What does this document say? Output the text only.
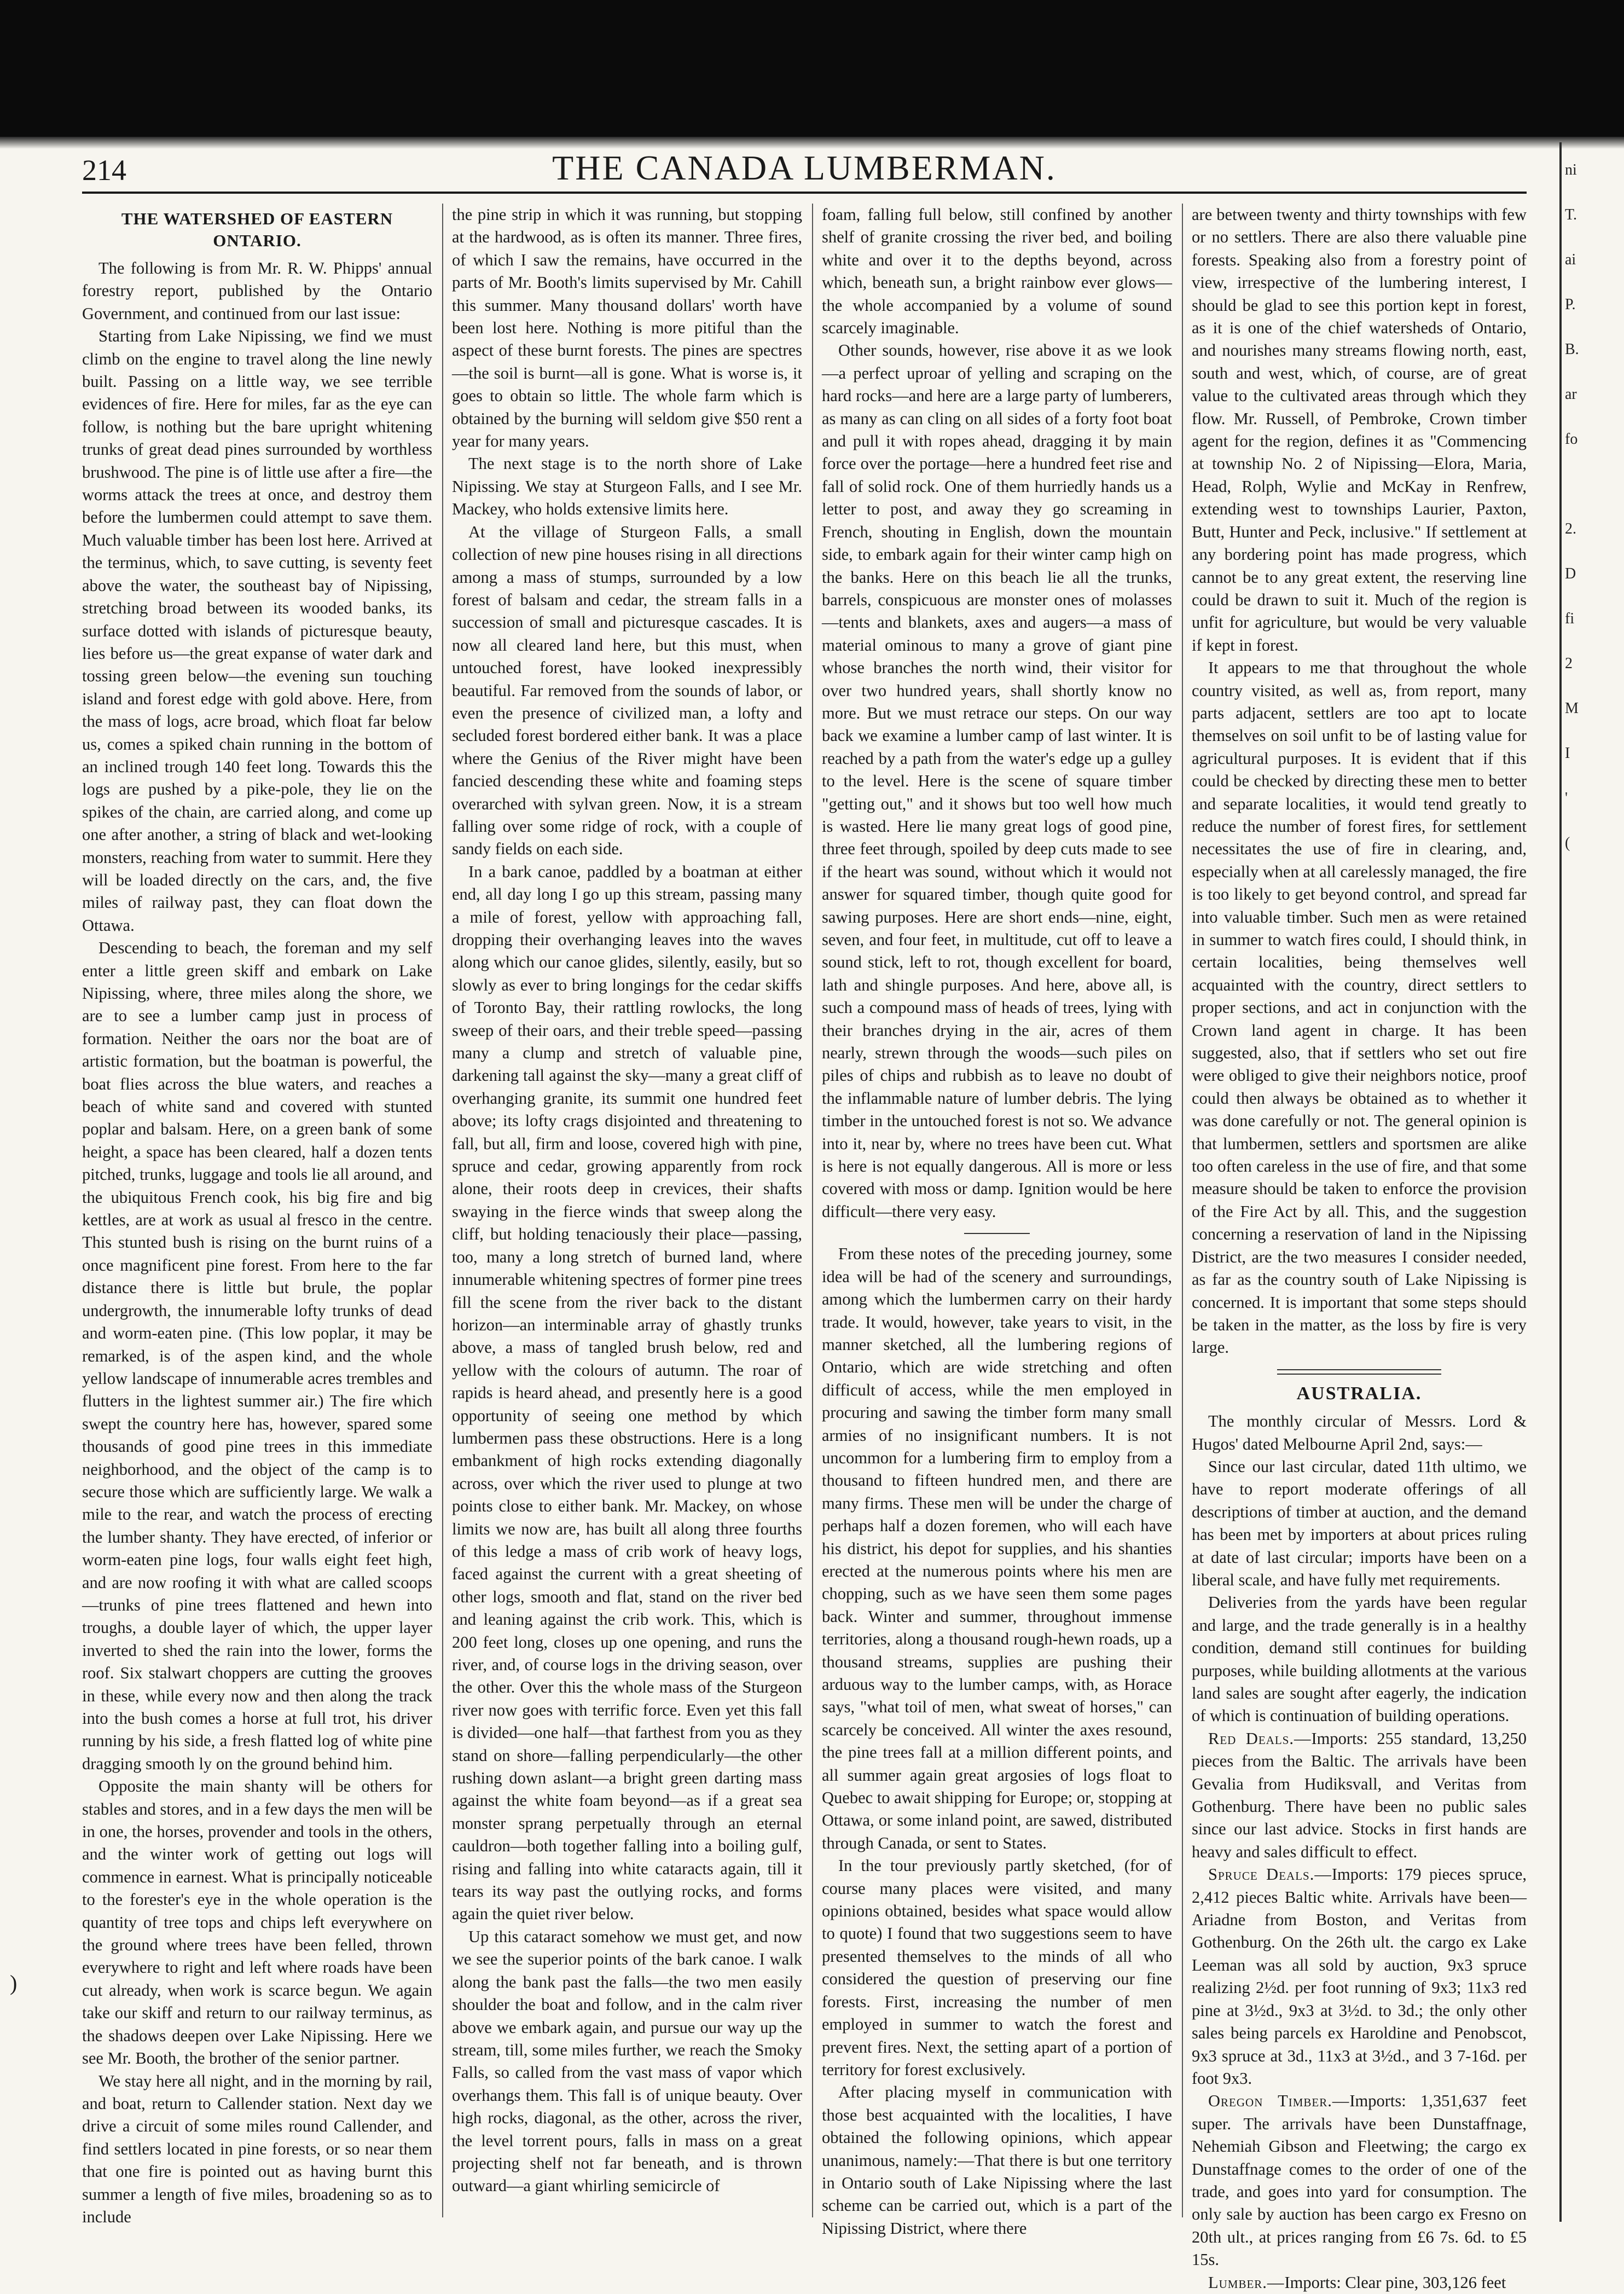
214	THE CANADA LUMBERMAN.
THE WATERSHED OF EASTERN ONTARIO.

The following is from Mr. R. W. Phipps' annual forestry report, published by the Ontario Government, and continued from our last issue:

Starting from Lake Nipissing, we find we must climb on the engine to travel along the line newly built. Passing on a little way, we see terrible evidences of fire. Here for miles, far as the eye can follow, is nothing but the bare upright whitening trunks of great dead pines surrounded by worthless brushwood. The pine is of little use after a fire—the worms attack the trees at once, and destroy them before the lumbermen could attempt to save them. Much valuable timber has been lost here. Arrived at the terminus, which, to save cutting, is seventy feet above the water, the southeast bay of Nipissing, stretching broad between its wooded banks, its surface dotted with islands of picturesque beauty, lies before us—the great expanse of water dark and tossing green below—the evening sun touching island and forest edge with gold above. Here, from the mass of logs, acre broad, which float far below us, comes a spiked chain running in the bottom of an inclined trough 140 feet long. Towards this the logs are pushed by a pike-pole, they lie on the spikes of the chain, are carried along, and come up one after another, a string of black and wet-looking monsters, reaching from water to summit. Here they will be loaded directly on the cars, and, the five miles of railway past, they can float down the Ottawa.

Descending to beach, the foreman and my self enter a little green skiff and embark on Lake Nipissing, where, three miles along the shore, we are to see a lumber camp just in process of formation. Neither the oars nor the boat are of artistic formation, but the boatman is powerful, the boat flies across the blue waters, and reaches a beach of white sand and covered with stunted poplar and balsam. Here, on a green bank of some height, a space has been cleared, half a dozen tents pitched, trunks, luggage and tools lie all around, and the ubiquitous French cook, his big fire and big kettles, are at work as usual al fresco in the centre. This stunted bush is rising on the burnt ruins of a once magnificent pine forest. From here to the far distance there is little but brule, the poplar undergrowth, the innumerable lofty trunks of dead and worm-eaten pine. (This low poplar, it may be remarked, is of the aspen kind, and the whole yellow landscape of innumerable acres trembles and flutters in the lightest summer air.) The fire which swept the country here has, however, spared some thousands of good pine trees in this immediate neighborhood, and the object of the camp is to secure those which are sufficiently large. We walk a mile to the rear, and watch the process of erecting the lumber shanty. They have erected, of inferior or worm-eaten pine logs, four walls eight feet high, and are now roofing it with what are called scoops—trunks of pine trees flattened and hewn into troughs, a double layer of which, the upper layer inverted to shed the rain into the lower, forms the roof. Six stalwart choppers are cutting the grooves in these, while every now and then along the track into the bush comes a horse at full trot, his driver running by his side, a fresh flatted log of white pine dragging smooth ly on the ground behind him.

Opposite the main shanty will be others for stables and stores, and in a few days the men will be in one, the horses, provender and tools in the others, and the winter work of getting out logs will commence in earnest. What is principally noticeable to the forester's eye in the whole operation is the quantity of tree tops and chips left everywhere on the ground where trees have been felled, thrown everywhere to right and left where roads have been cut already, when work is scarce begun. We again take our skiff and return to our railway terminus, as the shadows deepen over Lake Nipissing. Here we see Mr. Booth, the brother of the senior partner.

We stay here all night, and in the morning by rail, and boat, return to Callender station. Next day we drive a circuit of some miles round Callender, and find settlers located in pine forests, or so near them that one fire is pointed out as having burnt this summer a length of five miles, broadening so as to include

the pine strip in which it was running, but stopping at the hardwood, as is often its manner. Three fires, of which I saw the remains, have occurred in the parts of Mr. Booth's limits supervised by Mr. Cahill this summer. Many thousand dollars' worth have been lost here. Nothing is more pitiful than the aspect of these burnt forests. The pines are spectres—the soil is burnt—all is gone. What is worse is, it goes to obtain so little. The whole farm which is obtained by the burning will seldom give $50 rent a year for many years.

The next stage is to the north shore of Lake Nipissing. We stay at Sturgeon Falls, and I see Mr. Mackey, who holds extensive limits here.

At the village of Sturgeon Falls, a small collection of new pine houses rising in all directions among a mass of stumps, surrounded by a low forest of balsam and cedar, the stream falls in a succession of small and picturesque cascades. It is now all cleared land here, but this must, when untouched forest, have looked inexpressibly beautiful. Far removed from the sounds of labor, or even the presence of civilized man, a lofty and secluded forest bordered either bank. It was a place where the Genius of the River might have been fancied descending these white and foaming steps overarched with sylvan green. Now, it is a stream falling over some ridge of rock, with a couple of sandy fields on each side.

In a bark canoe, paddled by a boatman at either end, all day long I go up this stream, passing many a mile of forest, yellow with approaching fall, dropping their overhanging leaves into the waves along which our canoe glides, silently, easily, but so slowly as ever to bring longings for the cedar skiffs of Toronto Bay, their rattling rowlocks, the long sweep of their oars, and their treble speed—passing many a clump and stretch of valuable pine, darkening tall against the sky—many a great cliff of overhanging granite, its summit one hundred feet above; its lofty crags disjointed and threatening to fall, but all, firm and loose, covered high with pine, spruce and cedar, growing apparently from rock alone, their roots deep in crevices, their shafts swaying in the fierce winds that sweep along the cliff, but holding tenaciously their place—passing, too, many a long stretch of burned land, where innumerable whitening spectres of former pine trees fill the scene from the river back to the distant horizon—an interminable array of ghastly trunks above, a mass of tangled brush below, red and yellow with the colours of autumn. The roar of rapids is heard ahead, and presently here is a good opportunity of seeing one method by which lumbermen pass these obstructions. Here is a long embankment of high rocks extending diagonally across, over which the river used to plunge at two points close to either bank. Mr. Mackey, on whose limits we now are, has built all along three fourths of this ledge a mass of crib work of heavy logs, faced against the current with a great sheeting of other logs, smooth and flat, stand on the river bed and leaning against the crib work. This, which is 200 feet long, closes up one opening, and runs the river, and, of course logs in the driving season, over the other. Over this the whole mass of the Sturgeon river now goes with terrific force. Even yet this fall is divided—one half—that farthest from you as they stand on shore—falling perpendicularly—the other rushing down aslant—a bright green darting mass against the white foam beyond—as if a great sea monster sprang perpetually through an eternal cauldron—both together falling into a boiling gulf, rising and falling into white cataracts again, till it tears its way past the outlying rocks, and forms again the quiet river below.

Up this cataract somehow we must get, and now we see the superior points of the bark canoe. I walk along the bank past the falls—the two men easily shoulder the boat and follow, and in the calm river above we embark again, and pursue our way up the stream, till, some miles further, we reach the Smoky Falls, so called from the vast mass of vapor which overhangs them. This fall is of unique beauty. Over high rocks, diagonal, as the other, across the river, the level torrent pours, falls in mass on a great projecting shelf not far beneath, and is thrown outward—a giant whirling semicircle of

foam, falling full below, still confined by another shelf of granite crossing the river bed, and boiling white and over it to the depths beyond, across which, beneath sun, a bright rainbow ever glows—the whole accompanied by a volume of sound scarcely imaginable.

Other sounds, however, rise above it as we look—a perfect uproar of yelling and scraping on the hard rocks—and here are a large party of lumberers, as many as can cling on all sides of a forty foot boat and pull it with ropes ahead, dragging it by main force over the portage—here a hundred feet rise and fall of solid rock. One of them hurriedly hands us a letter to post, and away they go screaming in French, shouting in English, down the mountain side, to embark again for their winter camp high on the banks. Here on this beach lie all the trunks, barrels, conspicuous are monster ones of molasses—tents and blankets, axes and augers—a mass of material ominous to many a grove of giant pine whose branches the north wind, their visitor for over two hundred years, shall shortly know no more. But we must retrace our steps. On our way back we examine a lumber camp of last winter. It is reached by a path from the water's edge up a gulley to the level. Here is the scene of square timber "getting out," and it shows but too well how much is wasted. Here lie many great logs of good pine, three feet through, spoiled by deep cuts made to see if the heart was sound, without which it would not answer for squared timber, though quite good for sawing purposes. Here are short ends—nine, eight, seven, and four feet, in multitude, cut off to leave a sound stick, left to rot, though excellent for board, lath and shingle purposes. And here, above all, is such a compound mass of heads of trees, lying with their branches drying in the air, acres of them nearly, strewn through the woods—such piles on piles of chips and rubbish as to leave no doubt of the inflammable nature of lumber debris. The lying timber in the untouched forest is not so. We advance into it, near by, where no trees have been cut. What is here is not equally dangerous. All is more or less covered with moss or damp. Ignition would be here difficult—there very easy.

From these notes of the preceding journey, some idea will be had of the scenery and surroundings, among which the lumbermen carry on their hardy trade. It would, however, take years to visit, in the manner sketched, all the lumbering regions of Ontario, which are wide stretching and often difficult of access, while the men employed in procuring and sawing the timber form many small armies of no insignificant numbers. It is not uncommon for a lumbering firm to employ from a thousand to fifteen hundred men, and there are many firms. These men will be under the charge of perhaps half a dozen foremen, who will each have his district, his depot for supplies, and his shanties erected at the numerous points where his men are chopping, such as we have seen them some pages back. Winter and summer, throughout immense territories, along a thousand rough-hewn roads, up a thousand streams, supplies are pushing their arduous way to the lumber camps, with, as Horace says, "what toil of men, what sweat of horses," can scarcely be conceived. All winter the axes resound, the pine trees fall at a million different points, and all summer again great argosies of logs float to Quebec to await shipping for Europe; or, stopping at Ottawa, or some inland point, are sawed, distributed through Canada, or sent to States.

In the tour previously partly sketched, (for of course many places were visited, and many opinions obtained, besides what space would allow to quote) I found that two suggestions seem to have presented themselves to the minds of all who considered the question of preserving our fine forests. First, increasing the number of men employed in summer to watch the forest and prevent fires. Next, the setting apart of a portion of territory for forest exclusively.

After placing myself in communication with those best acquainted with the localities, I have obtained the following opinions, which appear unanimous, namely:—That there is but one territory in Ontario south of Lake Nipissing where the last scheme can be carried out, which is a part of the Nipissing District, where there

are between twenty and thirty townships with few or no settlers. There are also there valuable pine forests. Speaking also from a forestry point of view, irrespective of the lumbering interest, I should be glad to see this portion kept in forest, as it is one of the chief watersheds of Ontario, and nourishes many streams flowing north, east, south and west, which, of course, are of great value to the cultivated areas through which they flow. Mr. Russell, of Pembroke, Crown timber agent for the region, defines it as "Commencing at township No. 2 of Nipissing—Elora, Maria, Head, Rolph, Wylie and McKay in Renfrew, extending west to townships Laurier, Paxton, Butt, Hunter and Peck, inclusive." If settlement at any bordering point has made progress, which cannot be to any great extent, the reserving line could be drawn to suit it. Much of the region is unfit for agriculture, but would be very valuable if kept in forest.

It appears to me that throughout the whole country visited, as well as, from report, many parts adjacent, settlers are too apt to locate themselves on soil unfit to be of lasting value for agricultural purposes. It is evident that if this could be checked by directing these men to better and separate localities, it would tend greatly to reduce the number of forest fires, for settlement necessitates the use of fire in clearing, and, especially when at all carelessly managed, the fire is too likely to get beyond control, and spread far into valuable timber. Such men as were retained in summer to watch fires could, I should think, in certain localities, being themselves well acquainted with the country, direct settlers to proper sections, and act in conjunction with the Crown land agent in charge. It has been suggested, also, that if settlers who set out fire were obliged to give their neighbors notice, proof could then always be obtained as to whether it was done carefully or not. The general opinion is that lumbermen, settlers and sportsmen are alike too often careless in the use of fire, and that some measure should be taken to enforce the provision of the Fire Act by all. This, and the suggestion concerning a reservation of land in the Nipissing District, are the two measures I consider needed, as far as the country south of Lake Nipissing is concerned. It is important that some steps should be taken in the matter, as the loss by fire is very large.

AUSTRALIA.

The monthly circular of Messrs. Lord & Hugos' dated Melbourne April 2nd, says:—

Since our last circular, dated 11th ultimo, we have to report moderate offerings of all descriptions of timber at auction, and the demand has been met by importers at about prices ruling at date of last circular; imports have been on a liberal scale, and have fully met requirements.

Deliveries from the yards have been regular and large, and the trade generally is in a healthy condition, demand still continues for building purposes, while building allotments at the various land sales are sought after eagerly, the indication of which is continuation of building operations.

Red Deals.—Imports: 255 standard, 13,250 pieces from the Baltic. The arrivals have been Gevalia from Hudiksvall, and Veritas from Gothenburg. There have been no public sales since our last advice. Stocks in first hands are heavy and sales difficult to effect.

Spruce Deals.—Imports: 179 pieces spruce, 2,412 pieces Baltic white. Arrivals have been—Ariadne from Boston, and Veritas from Gothenburg. On the 26th ult. the cargo ex Lake Leeman was all sold by auction, 9x3 spruce realizing 2½d. per foot running of 9x3; 11x3 red pine at 3½d., 9x3 at 3½d. to 3d.; the only other sales being parcels ex Haroldine and Penobscot, 9x3 spruce at 3d., 11x3 at 3½d., and 3 7-16d. per foot 9x3.

Oregon Timber.—Imports: 1,351,637 feet super. The arrivals have been Dunstaffnage, Nehemiah Gibson and Fleetwing; the cargo ex Dunstaffnage comes to the order of one of the trade, and goes into yard for consumption. The only sale by auction has been cargo ex Fresno on 20th ult., at prices ranging from £6 7s. 6d. to £5 15s.

Lumber.—Imports: Clear pine, 303,126 feet

ni
T.
ai
P.
B.
ar
fo
2.
D
fi
2
M
I
'
(
)
